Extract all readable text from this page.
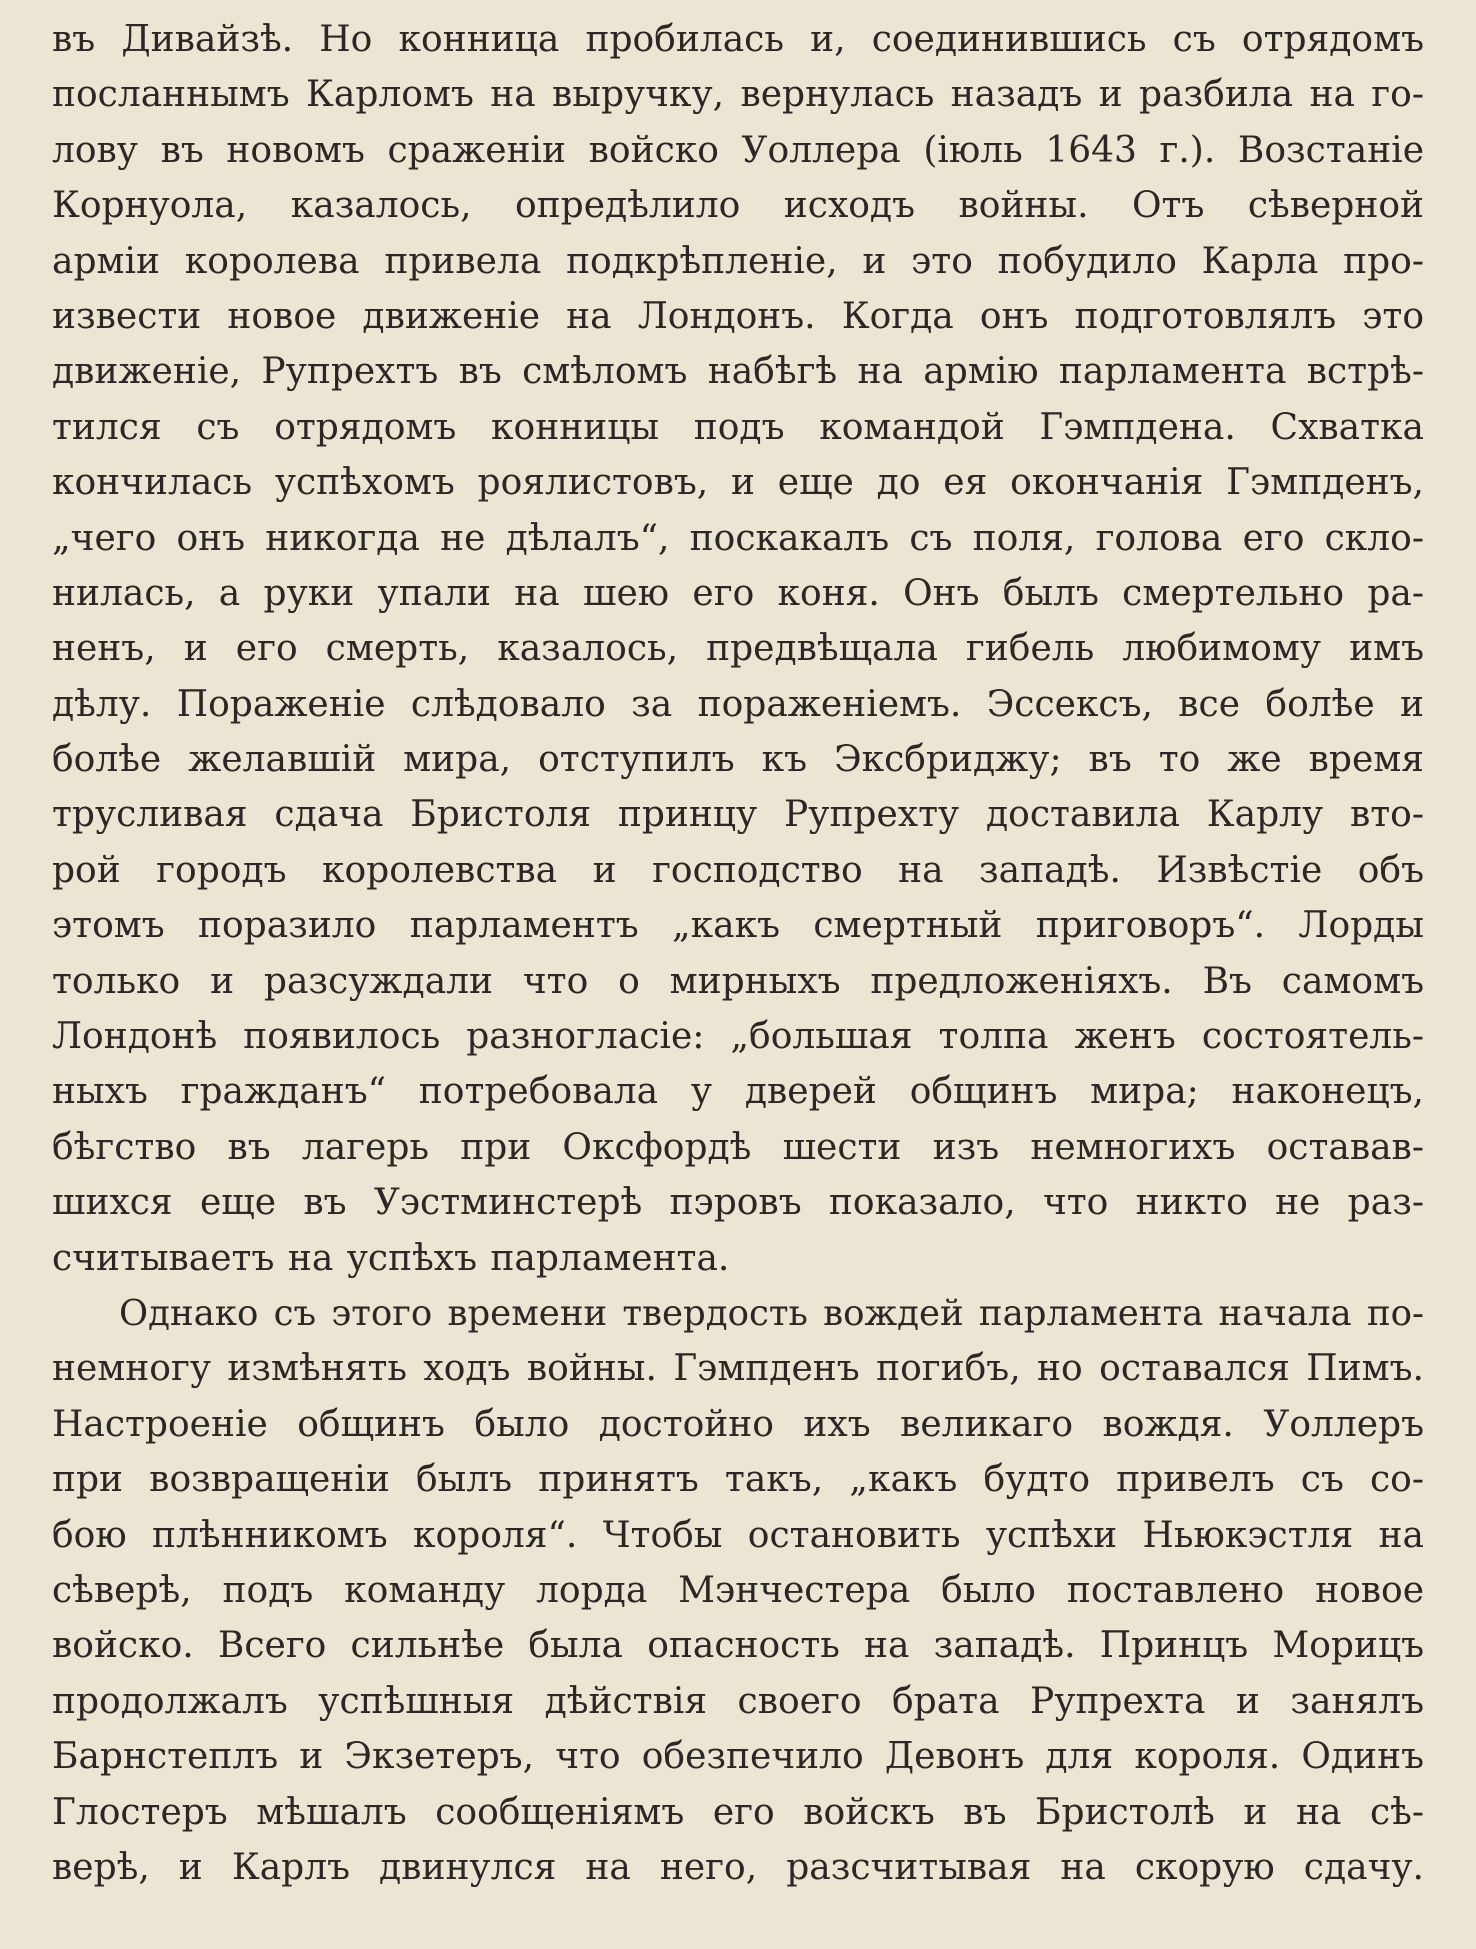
въ Дивайзѣ. Но конница пробилась и, соединившись съ отрядомъ
посланнымъ Карломъ на выручку, вернулась назадъ и разбила на го-
лову въ новомъ сраженіи войско Уоллера (іюль 1643 г.). Возстаніе
Корнуола, казалось, опредѣлило исходъ войны. Отъ сѣверной
арміи королева привела подкрѣпленіе, и это побудило Карла про-
извести новое движеніе на Лондонъ. Когда онъ подготовлялъ это
движеніе, Рупрехтъ въ смѣломъ набѣгѣ на армію парламента встрѣ-
тился съ отрядомъ конницы подъ командой Гэмпдена. Схватка
кончилась успѣхомъ роялистовъ, и еще до ея окончанія Гэмпденъ,
„чего онъ никогда не дѣлалъ“, поскакалъ съ поля, голова его скло-
нилась, а руки упали на шею его коня. Онъ былъ смертельно ра-
ненъ, и его смерть, казалось, предвѣщала гибель любимому имъ
дѣлу. Пораженіе слѣдовало за пораженіемъ. Эссексъ, все болѣе и
болѣе желавшій мира, отступилъ къ Эксбриджу; въ то же время
трусливая сдача Бристоля принцу Рупрехту доставила Карлу вто-
рой городъ королевства и господство на западѣ. Извѣстіе объ
этомъ поразило парламентъ „какъ смертный приговоръ“. Лорды
только и разсуждали что о мирныхъ предложеніяхъ. Въ самомъ
Лондонѣ появилось разногласіе: „большая толпа женъ состоятель-
ныхъ гражданъ“ потребовала у дверей общинъ мира; наконецъ,
бѣгство въ лагерь при Оксфордѣ шести изъ немногихъ оставав-
шихся еще въ Уэстминстерѣ пэровъ показало, что никто не раз-
считываетъ на успѣхъ парламента.
Однако съ этого времени твердость вождей парламента начала по-
немногу измѣнять ходъ войны. Гэмпденъ погибъ, но оставался Пимъ.
Настроеніе общинъ было достойно ихъ великаго вождя. Уоллеръ
при возвращеніи былъ принятъ такъ, „какъ будто привелъ съ со-
бою плѣнникомъ короля“. Чтобы остановить успѣхи Ньюкэстля на
сѣверѣ, подъ команду лорда Мэнчестера было поставлено новое
войско. Всего сильнѣе была опасность на западѣ. Принцъ Морицъ
продолжалъ успѣшныя дѣйствія своего брата Рупрехта и занялъ
Барнстеплъ и Экзетеръ, что обезпечило Девонъ для короля. Одинъ
Глостеръ мѣшалъ сообщеніямъ его войскъ въ Бристолѣ и на сѣ-
верѣ, и Карлъ двинулся на него, разсчитывая на скорую сдачу.
